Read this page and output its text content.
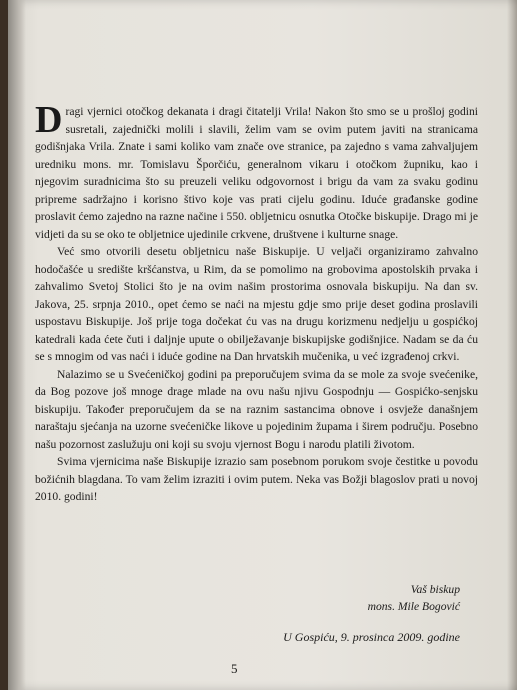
Dragi vjernici otočkog dekanata i dragi čitatelji Vrila! Nakon što smo se u prošloj godini susretali, zajednički molili i slavili, želim vam se ovim putem javiti na stranicama godišnjaka Vrila. Znate i sami koliko vam znače ove stranice, pa zajedno s vama zahvaljujem uredniku mons. mr. Tomislavu Šporčiću, generalnom vikaru i otočkom župniku, kao i njegovim suradnicima što su preuzeli veliku odgovornost i brigu da vam za svaku godinu pripreme sadržajno i korisno štivo koje vas prati cijelu godinu. Iduće građanske godine proslavit ćemo zajedno na razne načine i 550. obljetnicu osnutka Otočke biskupije. Drago mi je vidjeti da su se oko te obljetnice ujedinile crkvene, društvene i kulturne snage.

Već smo otvorili desetu obljetnicu naše Biskupije. U veljači organiziramo zahvalno hodočašće u središte kršćanstva, u Rim, da se pomolimo na grobovima apostolskih prvaka i zahvalimo Svetoj Stolici što je na ovim našim prostorima osnovala biskupiju. Na dan sv. Jakova, 25. srpnja 2010., opet ćemo se naći na mjestu gdje smo prije deset godina proslavili uspostavu Biskupije. Još prije toga dočekat ću vas na drugu korizmenu nedjelju u gospićkoj katedrali kada ćete čuti i daljnje upute o obilježavanje biskupijske godišnjice. Nadam se da ću se s mnogim od vas naći i iduće godine na Dan hrvatskih mučenika, u već izgrađenoj crkvi.

Nalazimo se u Svećeničkoj godini pa preporučujem svima da se mole za svoje svećenike, da Bog pozove još mnoge drage mlade na ovu našu njivu Gospodnju — Gospićko-senjsku biskupiju. Također preporučujem da se na raznim sastancima obnove i osvježe današnjem naraštaju sjećanja na uzorne svećeničke likove u pojedinim župama i širem području. Posebno našu pozornost zaslužuju oni koji su svoju vjernost Bogu i narodu platili životom.

Svima vjernicima naše Biskupije izrazio sam posebnom porukom svoje čestitke u povodu božićnih blagdana. To vam želim izraziti i ovim putem. Neka vas Božji blagoslov prati u novoj 2010. godini!

Vaš biskup
mons. Mile Bogović
U Gospiću, 9. prosinca 2009. godine
5
